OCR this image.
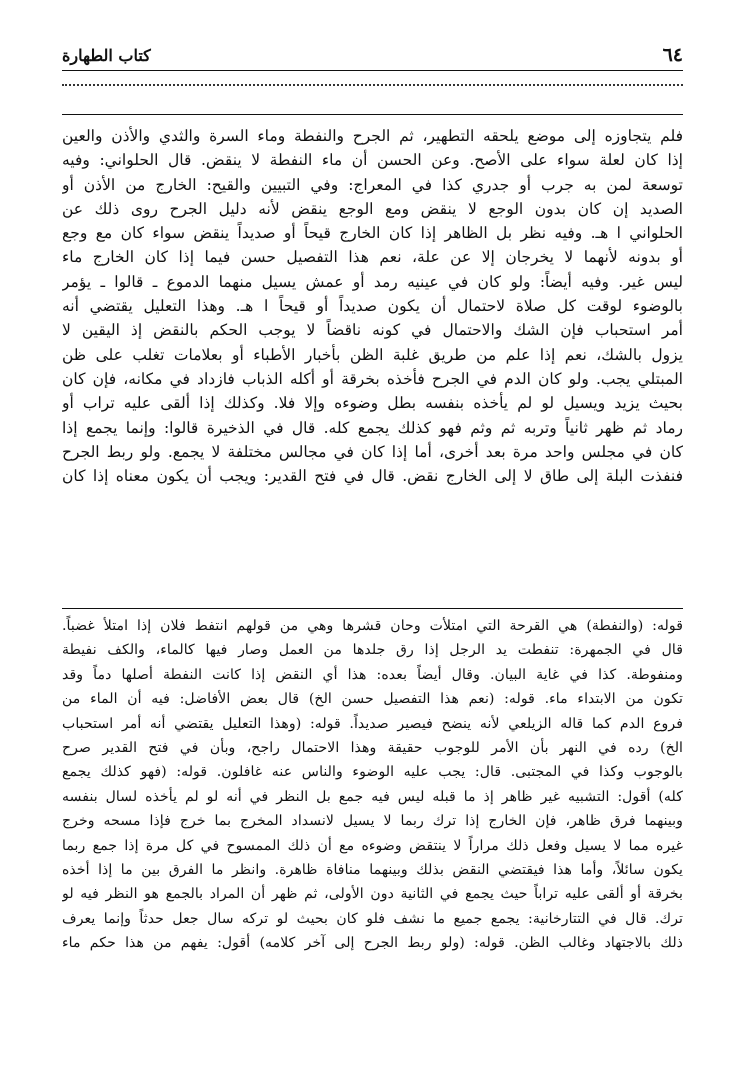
٦٤
كتاب الطهارة

فلم يتجاوزه إلى موضع يلحقه التطهير، ثم الجرح والنفطة وماء السرة والثدي والأذن والعين

إذا كان لعلة سواء على الأصح. وعن الحسن أن ماء النفطة لا ينقض. قال الحلواني: وفيه

توسعة لمن به جرب أو جدري كذا في المعراج: وفي التبيين والقيح: الخارج من الأذن أو

الصديد إن كان بدون الوجع لا ينقض ومع الوجع ينقض لأنه دليل الجرح روى ذلك عن

الحلواني ا هـ. وفيه نظر بل الظاهر إذا كان الخارج قيحاً أو صديداً ينقض سواء كان مع وجع

أو بدونه لأنهما لا يخرجان إلا عن علة، نعم هذا التفصيل حسن فيما إذا كان الخارج ماء

ليس غير. وفيه أيضاً: ولو كان في عينيه رمد أو عمش يسيل منهما الدموع ـ قالوا ـ يؤمر

بالوضوء لوقت كل صلاة لاحتمال أن يكون صديداً أو قيحاً ا هـ. وهذا التعليل يقتضي أنه

أمر استحباب فإن الشك والاحتمال في كونه ناقضاً لا يوجب الحكم بالنقض إذ اليقين لا

يزول بالشك، نعم إذا علم من طريق غلبة الظن بأخبار الأطباء أو بعلامات تغلب على ظن

المبتلي يجب. ولو كان الدم في الجرح فأخذه بخرقة أو أكله الذباب فازداد في مكانه، فإن كان

بحيث يزيد ويسيل لو لم يأخذه بنفسه بطل وضوءه وإلا فلا. وكذلك إذا ألقى عليه تراب أو

رماد ثم ظهر ثانياً وتربه ثم وثم فهو كذلك يجمع كله. قال في الذخيرة قالوا: وإنما يجمع إذا

كان في مجلس واحد مرة بعد أخرى، أما إذا كان في مجالس مختلفة لا يجمع. ولو ربط الجرح

فنفذت البلة إلى طاق لا إلى الخارج نقض. قال في فتح القدير: ويجب أن يكون معناه إذا كان

قوله: (والنفطة) هي القرحة التي امتلأت وحان قشرها وهي من قولهم انتفط فلان إذا امتلأ غضباً.

قال في الجمهرة: تنفطت يد الرجل إذا رق جلدها من العمل وصار فيها كالماء، والكف نفيطة

ومنفوطة. كذا في غاية البيان. وقال أيضاً بعده: هذا أي النقض إذا كانت النفطة أصلها دماً وقد

تكون من الابتداء ماء. قوله: (نعم هذا التفصيل حسن الخ) قال بعض الأفاضل: فيه أن الماء من

فروع الدم كما قاله الزيلعي لأنه ينضح فيصير صديداً. قوله: (وهذا التعليل يقتضي أنه أمر استحباب

الخ) رده في النهر بأن الأمر للوجوب حقيقة وهذا الاحتمال راجح، وبأن في فتح القدير صرح

بالوجوب وكذا في المجتبى. قال: يجب عليه الوضوء والناس عنه غافلون. قوله: (فهو كذلك يجمع

كله) أقول: التشبيه غير ظاهر إذ ما قبله ليس فيه جمع بل النظر في أنه لو لم يأخذه لسال بنفسه

وبينهما فرق ظاهر، فإن الخارج إذا ترك ربما لا يسيل لانسداد المخرج بما خرج فإذا مسحه وخرج

غيره مما لا يسيل وفعل ذلك مراراً لا ينتقض وضوءه مع أن ذلك الممسوح في كل مرة إذا جمع ربما

يكون سائلاً، وأما هذا فيقتضي النقض بذلك وبينهما منافاة ظاهرة. وانظر ما الفرق بين ما إذا أخذه

بخرقة أو ألقى عليه تراباً حيث يجمع في الثانية دون الأولى، ثم ظهر أن المراد بالجمع هو النظر فيه لو

ترك. قال في التتارخانية: يجمع جميع ما نشف فلو كان بحيث لو تركه سال جعل حدثاً وإنما يعرف

ذلك بالاجتهاد وغالب الظن. قوله: (ولو ربط الجرح إلى آخر كلامه) أقول: يفهم من هذا حكم ماء
